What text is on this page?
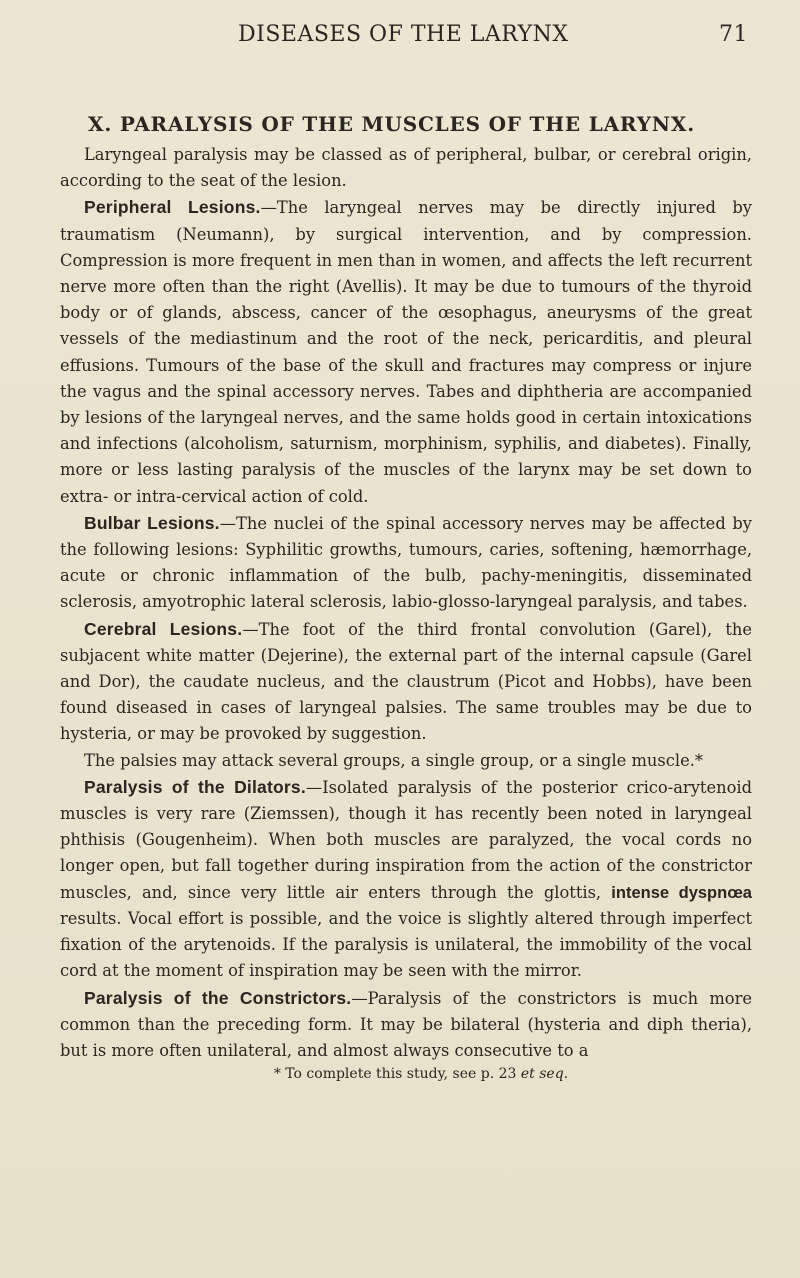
DISEASES OF THE LARYNX	71
X. PARALYSIS OF THE MUSCLES OF THE LARYNX.

Laryngeal paralysis may be classed as of peripheral, bulbar, or cerebral origin, according to the seat of the lesion.

Peripheral Lesions.—The laryngeal nerves may be directly injured by traumatism (Neumann), by surgical intervention, and by compression. Compression is more frequent in men than in women, and affects the left recurrent nerve more often than the right (Avellis). It may be due to tumours of the thyroid body or of glands, abscess, cancer of the œsophagus, aneurysms of the great vessels of the mediastinum and the root of the neck, pericarditis, and pleural effusions. Tumours of the base of the skull and fractures may compress or injure the vagus and the spinal accessory nerves. Tabes and diphtheria are accompanied by lesions of the laryngeal nerves, and the same holds good in certain intoxications and infections (alcoholism, saturnism, morphinism, syphilis, and diabetes). Finally, more or less lasting paralysis of the muscles of the larynx may be set down to extra- or intra-cervical action of cold.

Bulbar Lesions.—The nuclei of the spinal accessory nerves may be affected by the following lesions: Syphilitic growths, tumours, caries, softening, hæmorrhage, acute or chronic inflammation of the bulb, pachy-meningitis, disseminated sclerosis, amyotrophic lateral sclerosis, labio-glosso-laryngeal paralysis, and tabes.

Cerebral Lesions.—The foot of the third frontal convolution (Garel), the subjacent white matter (Dejerine), the external part of the internal capsule (Garel and Dor), the caudate nucleus, and the claustrum (Picot and Hobbs), have been found diseased in cases of laryngeal palsies. The same troubles may be due to hysteria, or may be provoked by suggestion.

The palsies may attack several groups, a single group, or a single muscle.*

Paralysis of the Dilators.—Isolated paralysis of the posterior crico-arytenoid muscles is very rare (Ziemssen), though it has recently been noted in laryngeal phthisis (Gougenheim). When both muscles are paralyzed, the vocal cords no longer open, but fall together during inspiration from the action of the constrictor muscles, and, since very little air enters through the glottis, intense dyspnœa results. Vocal effort is possible, and the voice is slightly altered through imperfect fixation of the arytenoids. If the paralysis is unilateral, the immobility of the vocal cord at the moment of inspiration may be seen with the mirror.

Paralysis of the Constrictors.—Paralysis of the constrictors is much more common than the preceding form. It may be bilateral (hysteria and diph theria), but is more often unilateral, and almost always consecutive to a

* To complete this study, see p. 23 et seq.
